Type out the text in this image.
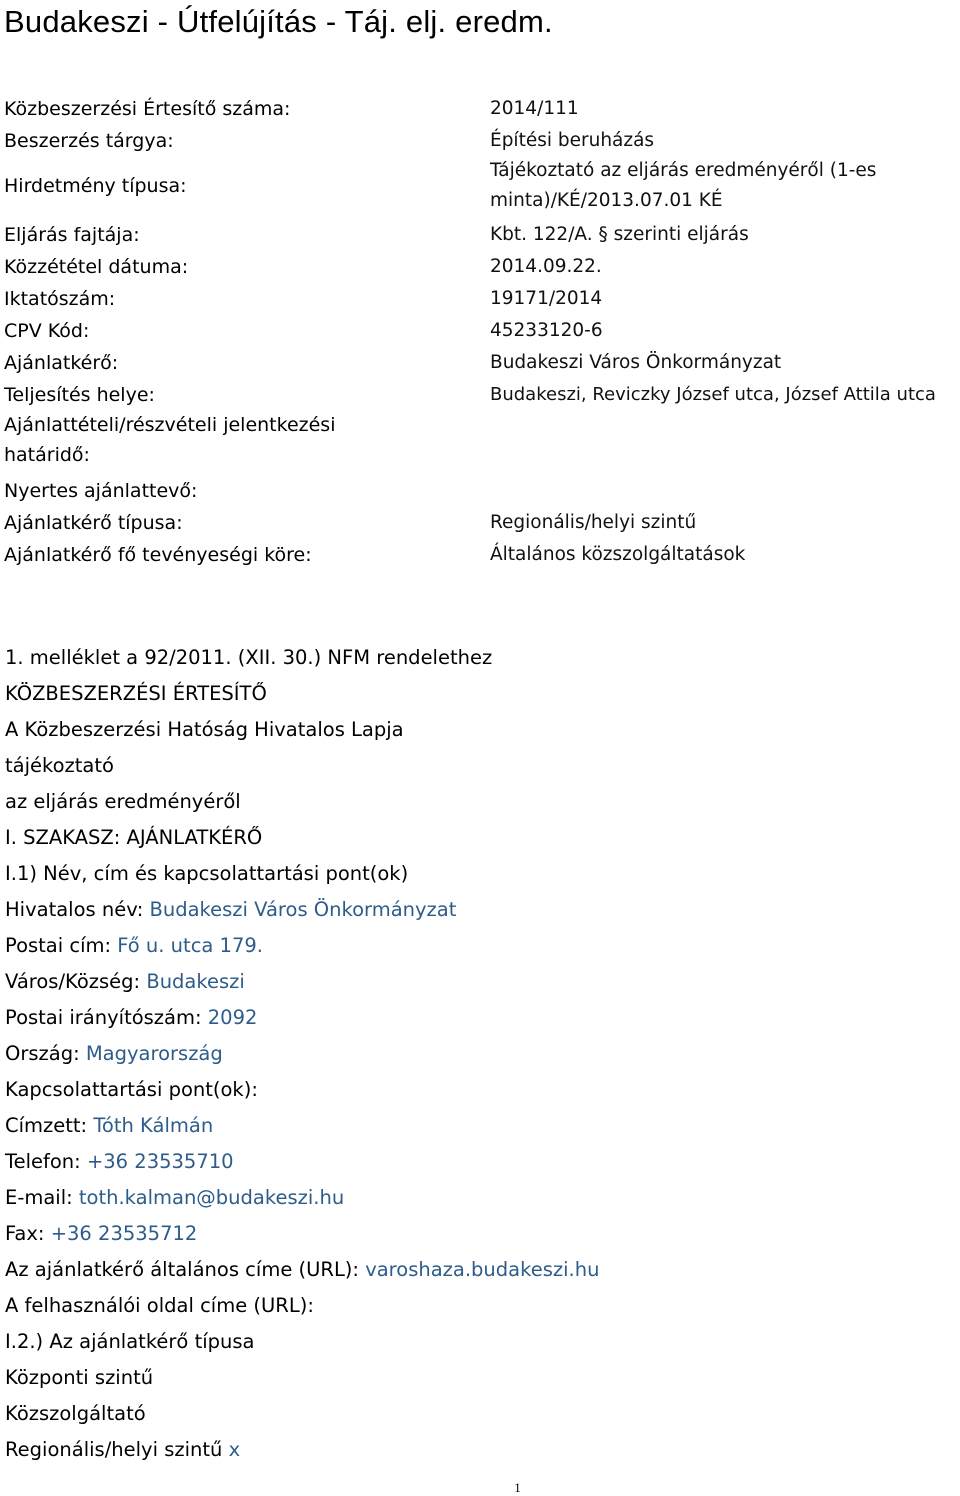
Budakeszi - Útfelújítás - Táj. elj. eredm.
Közbeszerzési Értesítő száma:	2014/111
Beszerzés tárgya:	Építési beruházás
Hirdetmény típusa:
Tájékoztató az eljárás eredményéről (1-es minta)/KÉ/2013.07.01 KÉ
Eljárás fajtája:	Kbt. 122/A. § szerinti eljárás
Közzététel dátuma:	2014.09.22.
Iktatószám:	19171/2014
CPV Kód:	45233120-6
Ajánlatkérő:	Budakeszi Város Önkormányzat
Teljesítés helye:	Budakeszi, Reviczky József utca, József Attila utca
Ajánlattételi/részvételi jelentkezési határidő:
Nyertes ajánlattevő:
Ajánlatkérő típusa:	Regionális/helyi szintű
Ajánlatkérő fő tevényeségi köre:	Általános közszolgáltatások
1. melléklet a 92/2011. (XII. 30.) NFM rendelethez
KÖZBESZERZÉSI ÉRTESÍTŐ
A Közbeszerzési Hatóság Hivatalos Lapja
tájékoztató
az eljárás eredményéről
I. SZAKASZ: AJÁNLATKÉRŐ
I.1) Név, cím és kapcsolattartási pont(ok)
Hivatalos név: Budakeszi Város Önkormányzat
Postai cím: Fő u. utca 179.
Város/Község: Budakeszi
Postai irányítószám: 2092
Ország: Magyarország
Kapcsolattartási pont(ok):
Címzett: Tóth Kálmán
Telefon: +36 23535710
E-mail: toth.kalman@budakeszi.hu
Fax: +36 23535712
Az ajánlatkérő általános címe (URL): varoshaza.budakeszi.hu
A felhasználói oldal címe (URL):
I.2.) Az ajánlatkérő típusa
Központi szintű
Közszolgáltató
Regionális/helyi szintű x
1
